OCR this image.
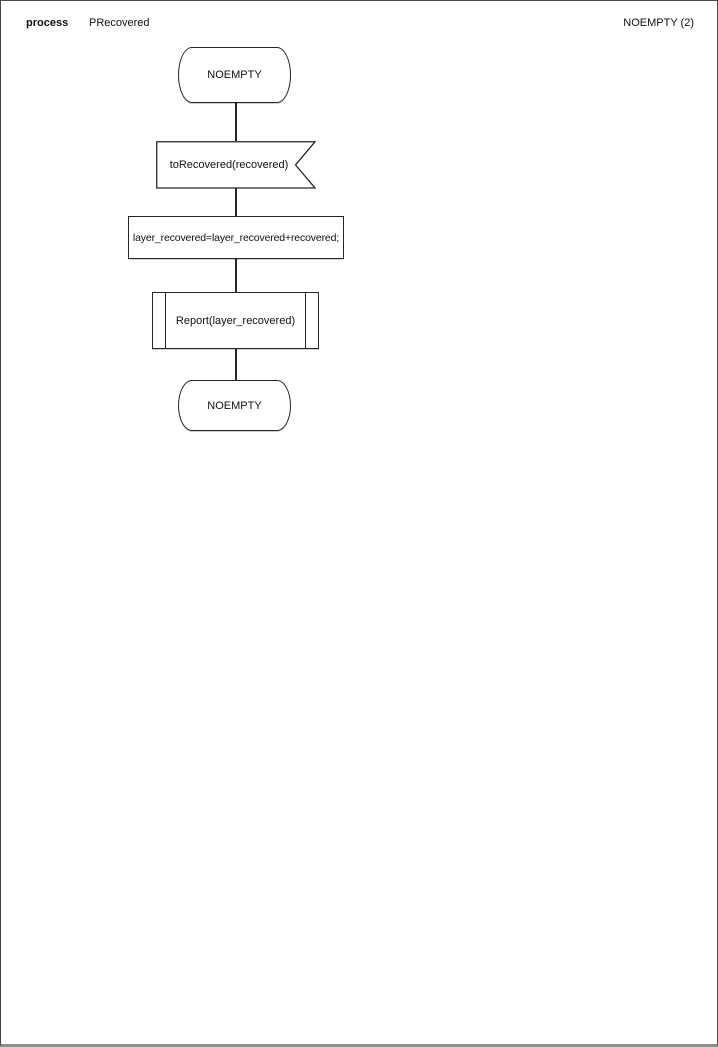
process PRecovered	NOEMPTY (2)
NOEMPTY
toRecovered(recovered)
layer_recovered=layer_recovered+recovered;
Report(layer_recovered)
NOEMPTY
